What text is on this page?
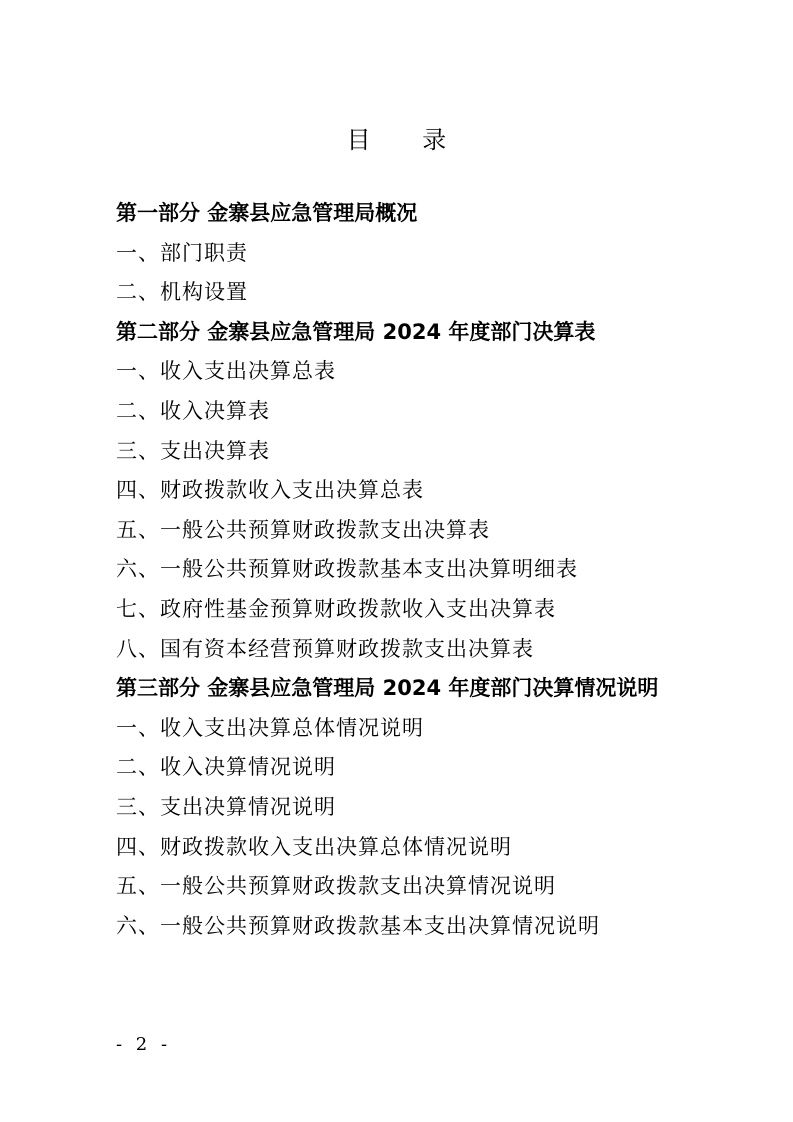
目 录
第一部分 金寨县应急管理局概况
一、部门职责
二、机构设置
第二部分 金寨县应急管理局 2024 年度部门决算表
一、收入支出决算总表
二、收入决算表
三、支出决算表
四、财政拨款收入支出决算总表
五、一般公共预算财政拨款支出决算表
六、一般公共预算财政拨款基本支出决算明细表
七、政府性基金预算财政拨款收入支出决算表
八、国有资本经营预算财政拨款支出决算表
第三部分 金寨县应急管理局 2024 年度部门决算情况说明
一、收入支出决算总体情况说明
二、收入决算情况说明
三、支出决算情况说明
四、财政拨款收入支出决算总体情况说明
五、一般公共预算财政拨款支出决算情况说明
六、一般公共预算财政拨款基本支出决算情况说明
- 2 -
